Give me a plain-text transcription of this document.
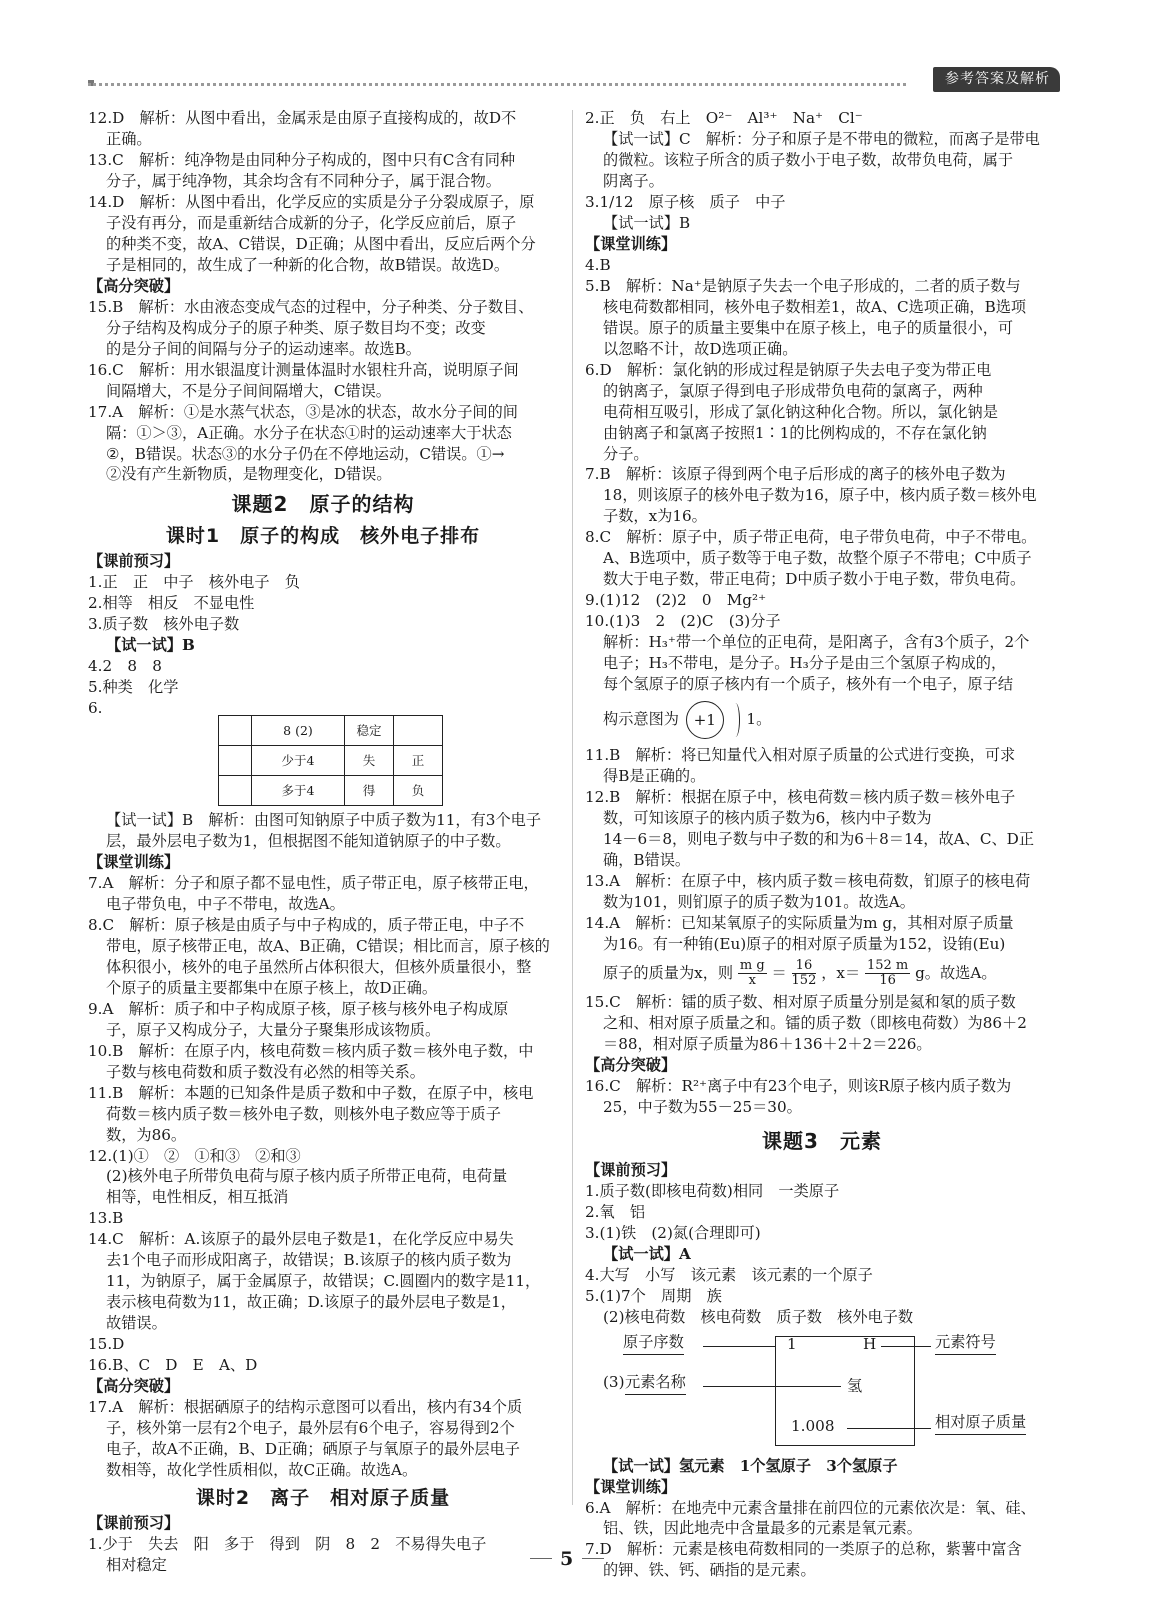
参考答案及解析

12.D　解析：从图中看出，金属汞是由原子直接构成的，故D不

正确。

13.C　解析：纯净物是由同种分子构成的，图中只有C含有同种

分子，属于纯净物，其余均含有不同种分子，属于混合物。

14.D　解析：从图中看出，化学反应的实质是分子分裂成原子，原

子没有再分，而是重新结合成新的分子，化学反应前后，原子

的种类不变，故A、C错误，D正确；从图中看出，反应后两个分

子是相同的，故生成了一种新的化合物，故B错误。故选D。

【高分突破】

15.B　解析：水由液态变成气态的过程中，分子种类、分子数目、

分子结构及构成分子的原子种类、原子数目均不变；改变

的是分子间的间隔与分子的运动速率。故选B。

16.C　解析：用水银温度计测量体温时水银柱升高，说明原子间

间隔增大，不是分子间间隔增大，C错误。

17.A　解析：①是水蒸气状态，③是冰的状态，故水分子间的间

隔：①＞③，A正确。水分子在状态①时的运动速率大于状态

②，B错误。状态③的水分子仍在不停地运动，C错误。①→

②没有产生新物质，是物理变化，D错误。

课题2　原子的结构
课时1　原子的构成　核外电子排布

【课前预习】

1.正　正　中子　核外电子　负

2.相等　相反　不显电性

3.质子数　核外电子数

【试一试】B

4.2　8　8

5.种类　化学

6.

	8 (2)	稳定	
	少于4	失	正
	多于4	得	负

【试一试】B　解析：由图可知钠原子中质子数为11，有3个电子

层，最外层电子数为1，但根据图不能知道钠原子的中子数。

【课堂训练】

7.A　解析：分子和原子都不显电性，质子带正电，原子核带正电，

电子带负电，中子不带电，故选A。

8.C　解析：原子核是由质子与中子构成的，质子带正电，中子不

带电，原子核带正电，故A、B正确，C错误；相比而言，原子核的

体积很小，核外的电子虽然所占体积很大，但核外质量很小，整

个原子的质量主要都集中在原子核上，故D正确。

9.A　解析：质子和中子构成原子核，原子核与核外电子构成原

子，原子又构成分子，大量分子聚集形成该物质。

10.B　解析：在原子内，核电荷数＝核内质子数＝核外电子数，中

子数与核电荷数和质子数没有必然的相等关系。

11.B　解析：本题的已知条件是质子数和中子数，在原子中，核电

荷数＝核内质子数＝核外电子数，则核外电子数应等于质子

数，为86。

12.(1)①　②　①和③　②和③

(2)核外电子所带负电荷与原子核内质子所带正电荷，电荷量

相等，电性相反，相互抵消

13.B

14.C　解析：A.该原子的最外层电子数是1，在化学反应中易失

去1个电子而形成阳离子，故错误；B.该原子的核内质子数为

11，为钠原子，属于金属原子，故错误；C.圆圈内的数字是11，

表示核电荷数为11，故正确；D.该原子的最外层电子数是1，

故错误。

15.D

16.B、C　D　E　A、D

【高分突破】

17.A　解析：根据硒原子的结构示意图可以看出，核内有34个质

子，核外第一层有2个电子，最外层有6个电子，容易得到2个

电子，故A不正确，B、D正确；硒原子与氧原子的最外层电子

数相等，故化学性质相似，故C正确。故选A。

课时2　离子　相对原子质量

【课前预习】

1.少于　失去　阳　多于　得到　阴　8　2　不易得失电子

相对稳定

2.正　负　右上　O²⁻　Al³⁺　Na⁺　Cl⁻

【试一试】C　解析：分子和原子是不带电的微粒，而离子是带电

的微粒。该粒子所含的质子数小于电子数，故带负电荷，属于

阴离子。

3.1/12　原子核　质子　中子

【试一试】B

【课堂训练】

4.B

5.B　解析：Na⁺是钠原子失去一个电子形成的，二者的质子数与

核电荷数都相同，核外电子数相差1，故A、C选项正确，B选项

错误。原子的质量主要集中在原子核上，电子的质量很小，可

以忽略不计，故D选项正确。

6.D　解析：氯化钠的形成过程是钠原子失去电子变为带正电

的钠离子，氯原子得到电子形成带负电荷的氯离子，两种

电荷相互吸引，形成了氯化钠这种化合物。所以，氯化钠是

由钠离子和氯离子按照1∶1的比例构成的，不存在氯化钠

分子。

7.B　解析：该原子得到两个电子后形成的离子的核外电子数为

18，则该原子的核外电子数为16，原子中，核内质子数＝核外电

子数，x为16。

8.C　解析：原子中，质子带正电荷，电子带负电荷，中子不带电。

A、B选项中，质子数等于电子数，故整个原子不带电；C中质子

数大于电子数，带正电荷；D中质子数小于电子数，带负电荷。

9.(1)12　(2)2　0　Mg²⁺

10.(1)3　2　(2)C　(3)分子

解析：H₃⁺带一个单位的正电荷，是阳离子，含有3个质子，2个

电子；H₃不带电，是分子。H₃分子是由三个氢原子构成的，

每个氢原子的原子核内有一个质子，核外有一个电子，原子结

构示意图为 +1 1。

11.B　解析：将已知量代入相对原子质量的公式进行变换，可求

得B是正确的。

12.B　解析：根据在原子中，核电荷数＝核内质子数＝核外电子

数，可知该原子的核内质子数为6，核内中子数为

14－6＝8，则电子数与中子数的和为6＋8＝14，故A、C、D正

确，B错误。

13.A　解析：在原子中，核内质子数＝核电荷数，钔原子的核电荷

数为101，则钔原子的质子数为101。故选A。

14.A　解析：已知某氧原子的实际质量为m g，其相对原子质量

为16。有一种铕(Eu)原子的相对原子质量为152，设铕(Eu)

原子的质量为x，则 $\frac{\text{m g}}{x} = \frac{16}{152}$ ，$x= \frac{152 m}{16}$ g。故选A。

15.C　解析：镭的质子数、相对原子质量分别是氦和氡的质子数

之和、相对原子质量之和。镭的质子数（即核电荷数）为86＋2

＝88，相对原子质量为86＋136＋2＋2＝226。

【高分突破】

16.C　解析：R²⁺离子中有23个电子，则该R原子核内质子数为

25，中子数为55－25＝30。

课题3　元素

【课前预习】

1.质子数(即核电荷数)相同　一类原子

2.氧　铝

3.(1)铁　(2)氮(合理即可)

【试一试】A

4.大写　小写　该元素　该元素的一个原子

5.(1)7个　周期　族

(2)核电荷数　核电荷数　质子数　核外电子数

原子序数	1	H	元素符号
(3) 元素名称	氢
1.008	相对原子质量

【试一试】氢元素　1个氢原子　3个氢原子

【课堂训练】

6.A　解析：在地壳中元素含量排在前四位的元素依次是：氧、硅、

铝、铁，因此地壳中含量最多的元素是氧元素。

7.D　解析：元素是核电荷数相同的一类原子的总称，紫薯中富含

的钾、铁、钙、硒指的是元素。

5
